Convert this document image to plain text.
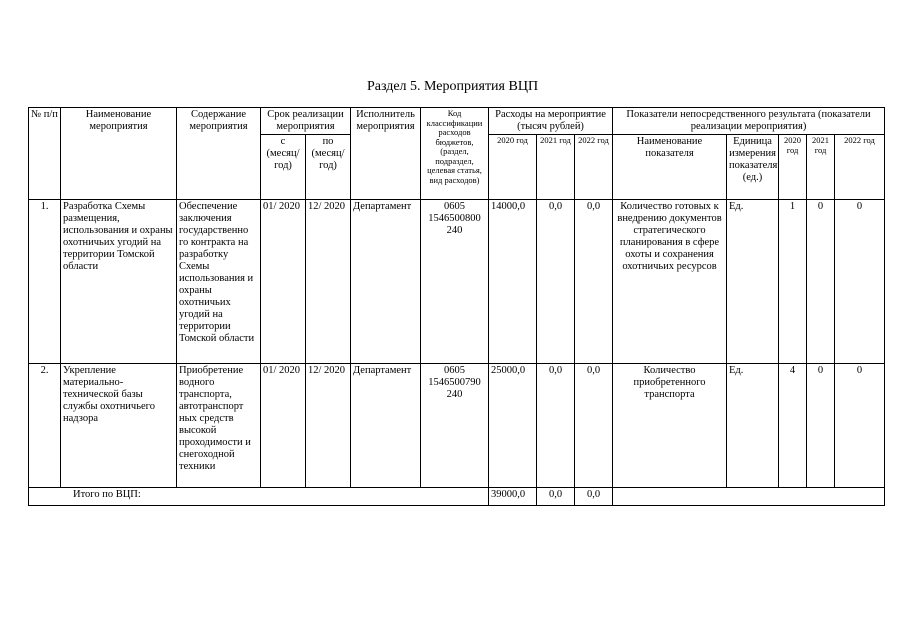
Раздел 5. Мероприятия ВЦП
№ п/п	Наименование мероприятия	Содержание мероприятия	Срок реализации мероприятия		Исполнитель мероприятия	Код классификации расходов бюджетов, (раздел, подраздел, целевая статья, вид расходов)	Расходы на мероприятие (тысяч рублей)			Показатели непосредственного результата (показатели реализации мероприятия)				
			с (месяц/ год)	по (месяц/ год)			2020 год	2021 год	2022 год	Наименование показателя	Единица измерения показателя (ед.)	2020 год	2021 год	2022 год
1.	Разработка Схемы размещения, использования и охраны охотничьих угодий на территории Томской области	Обеспечение заключения государственно го контракта на разработку Схемы использования и охраны охотничьих угодий на территории Томской области	01/ 2020	12/ 2020	Департамент	0605 1546500800 240	14000,0	0,0	0,0	Количество готовых к внедрению документов стратегического планирования в сфере охоты и сохранения охотничьих ресурсов	Ед.	1	0	0
2.	Укрепление материально-технической базы службы охотничьего надзора	Приобретение водного транспорта, автотранспорт ных средств высокой проходимости и снегоходной техники	01/ 2020	12/ 2020	Департамент	0605 1546500790 240	25000,0	0,0	0,0	Количество приобретенного транспорта	Ед.	4	0	0
Итого по ВЦП:							39000,0	0,0	0,0					
